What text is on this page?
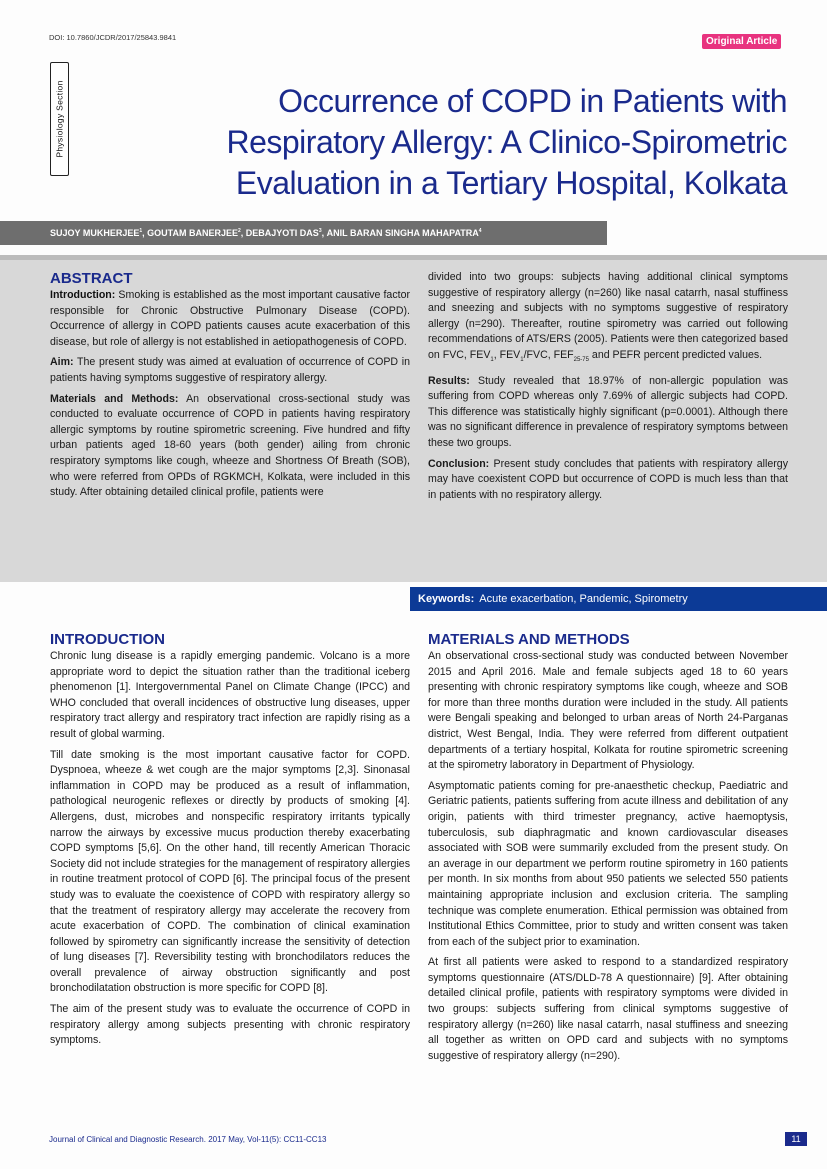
DOI: 10.7860/JCDR/2017/25843.9841	Original Article
Physiology Section	Occurrence of COPD in Patients with Respiratory Allergy: A Clinico-Spirometric Evaluation in a Tertiary Hospital, Kolkata
SUJOY MUKHERJEE$^1$ , GOUTAM BANERJEE$^2$ , DEBAJYOTI DAS$^3$ , ANIL BARAN SINGHA MAHAPATRA$^4$
ABSTRACT

Introduction: Smoking is established as the most important causative factor responsible for Chronic Obstructive Pulmonary Disease (COPD). Occurrence of allergy in COPD patients causes acute exacerbation of this disease, but role of allergy is not established in aetiopathogenesis of COPD.

Aim: The present study was aimed at evaluation of occurrence of COPD in patients having symptoms suggestive of respiratory allergy.

Materials and Methods: An observational cross-sectional study was conducted to evaluate occurrence of COPD in patients having respiratory allergic symptoms by routine spirometric screening. Five hundred and fifty urban patients aged 18-60 years (both gender) ailing from chronic respiratory symptoms like cough, wheeze and Shortness Of Breath (SOB), who were referred from OPDs of RGKMCH, Kolkata, were included in this study. After obtaining detailed clinical profile, patients were

divided into two groups: subjects having additional clinical symptoms suggestive of respiratory allergy (n=260) like nasal catarrh, nasal stuffiness and sneezing and subjects with no symptoms suggestive of respiratory allergy (n=290). Thereafter, routine spirometry was carried out following recommendations of ATS/ERS (2005). Patients were then categorized based on FVC, $FEV_1$, $FEV_1$/FVC, $FEF_{25-75}$ and PEFR percent predicted values.

Results: Study revealed that 18.97% of non-allergic population was suffering from COPD whereas only 7.69% of allergic subjects had COPD. This difference was statistically highly significant (p=0.0001). Although there was no significant difference in prevalence of respiratory symptoms between these two groups.

Conclusion: Present study concludes that patients with respiratory allergy may have coexistent COPD but occurrence of COPD is much less than that in patients with no respiratory allergy.

Keywords: Acute exacerbation, Pandemic, Spirometry
INTRODUCTION

Chronic lung disease is a rapidly emerging pandemic. Volcano is a more appropriate word to depict the situation rather than the traditional iceberg phenomenon [1]. Intergovernmental Panel on Climate Change (IPCC) and WHO concluded that overall incidences of obstructive lung diseases, upper respiratory tract allergy and respiratory tract infection are rapidly rising as a result of global warming.

Till date smoking is the most important causative factor for COPD. Dyspnoea, wheeze & wet cough are the major symptoms [2,3]. Sinonasal inflammation in COPD may be produced as a result of inflammation, pathological neurogenic reflexes or directly by products of smoking [4]. Allergens, dust, microbes and nonspecific respiratory irritants typically narrow the airways by excessive mucus production thereby exacerbating COPD symptoms [5,6]. On the other hand, till recently American Thoracic Society did not include strategies for the management of respiratory allergies in routine treatment protocol of COPD [6]. The principal focus of the present study was to evaluate the coexistence of COPD with respiratory allergy so that the treatment of respiratory allergy may accelerate the recovery from acute exacerbation of COPD. The combination of clinical examination followed by spirometry can significantly increase the sensitivity of detection of lung diseases [7]. Reversibility testing with bronchodilators reduces the overall prevalence of airway obstruction significantly and post bronchodilatation obstruction is more specific for COPD [8].

The aim of the present study was to evaluate the occurrence of COPD in respiratory allergy among subjects presenting with chronic respiratory symptoms.

MATERIALS AND METHODS

An observational cross-sectional study was conducted between November 2015 and April 2016. Male and female subjects aged 18 to 60 years presenting with chronic respiratory symptoms like cough, wheeze and SOB for more than three months duration were included in the study. All patients were Bengali speaking and belonged to urban areas of North 24-Parganas district, West Bengal, India. They were referred from different outpatient departments of a tertiary hospital, Kolkata for routine spirometric screening at the spirometry laboratory in Department of Physiology.

Asymptomatic patients coming for pre-anaesthetic checkup, Paediatric and Geriatric patients, patients suffering from acute illness and debilitation of any origin, patients with third trimester pregnancy, active haemoptysis, tuberculosis, sub diaphragmatic and known cardiovascular diseases associated with SOB were summarily excluded from the present study. On an average in our department we perform routine spirometry in 160 patients per month. In six months from about 950 patients we selected 550 patients maintaining appropriate inclusion and exclusion criteria. The sampling technique was complete enumeration. Ethical permission was obtained from Institutional Ethics Committee, prior to study and written consent was taken from each of the subject prior to examination.

At first all patients were asked to respond to a standardized respiratory symptoms questionnaire (ATS/DLD-78 A questionnaire) [9]. After obtaining detailed clinical profile, patients with respiratory symptoms were divided in two groups: subjects suffering from clinical symptoms suggestive of respiratory allergy (n=260) like nasal catarrh, nasal stuffiness and sneezing all together as written on OPD card and subjects with no symptoms suggestive of respiratory allergy (n=290).

Journal of Clinical and Diagnostic Research. 2017 May, Vol-11(5): CC11-CC13	11
